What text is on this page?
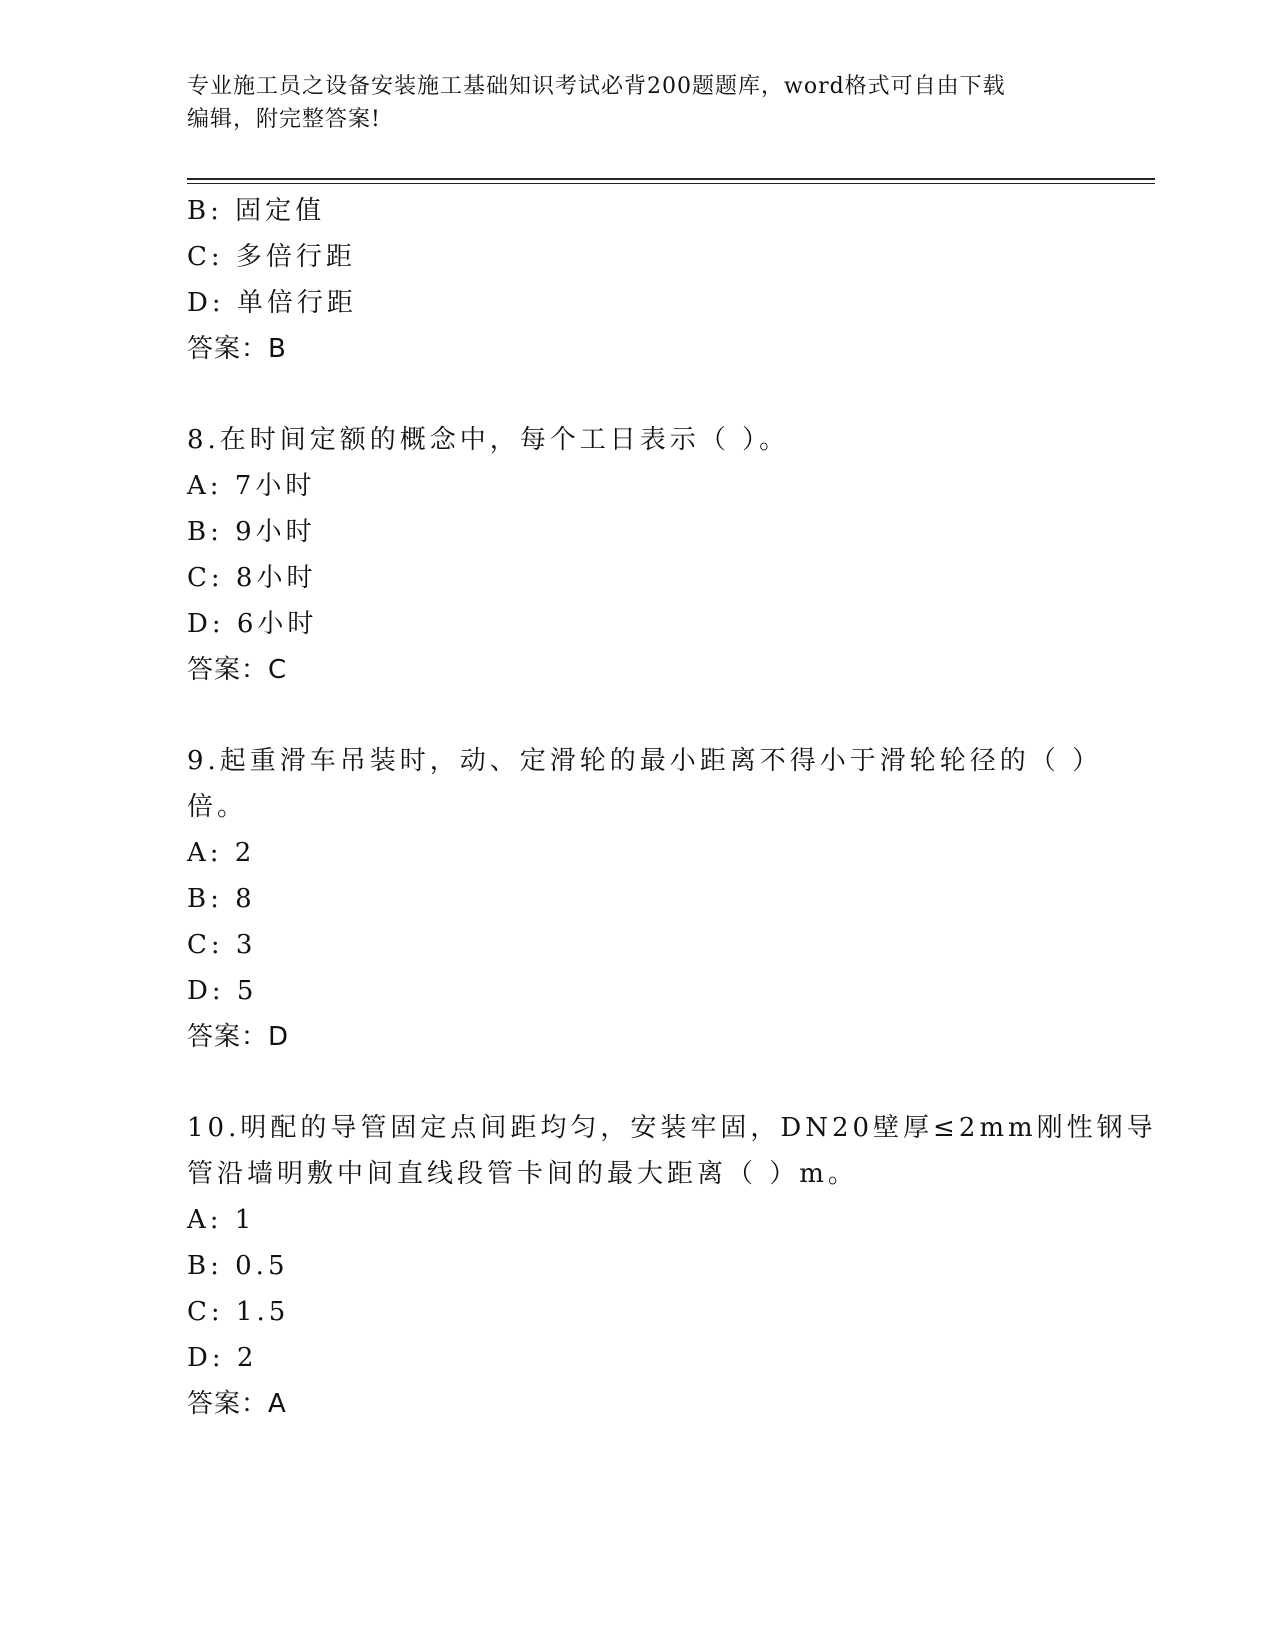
专业施工员之设备安装施工基础知识考试必背200题题库，word格式可自由下载
编辑，附完整答案!
B: 固定值
C: 多倍行距
D: 单倍行距
答案：B
8.在时间定额的概念中，每个工日表示（ ）。
A: 7小时
B: 9小时
C: 8小时
D: 6小时
答案：C
9.起重滑车吊装时，动、定滑轮的最小距离不得小于滑轮轮径的（ ）
倍。
A: 2
B: 8
C: 3
D: 5
答案：D
10.明配的导管固定点间距均匀，安装牢固，DN20壁厚≤2mm刚性钢导
管沿墙明敷中间直线段管卡间的最大距离（ ）m。
A: 1
B: 0.5
C: 1.5
D: 2
答案：A
